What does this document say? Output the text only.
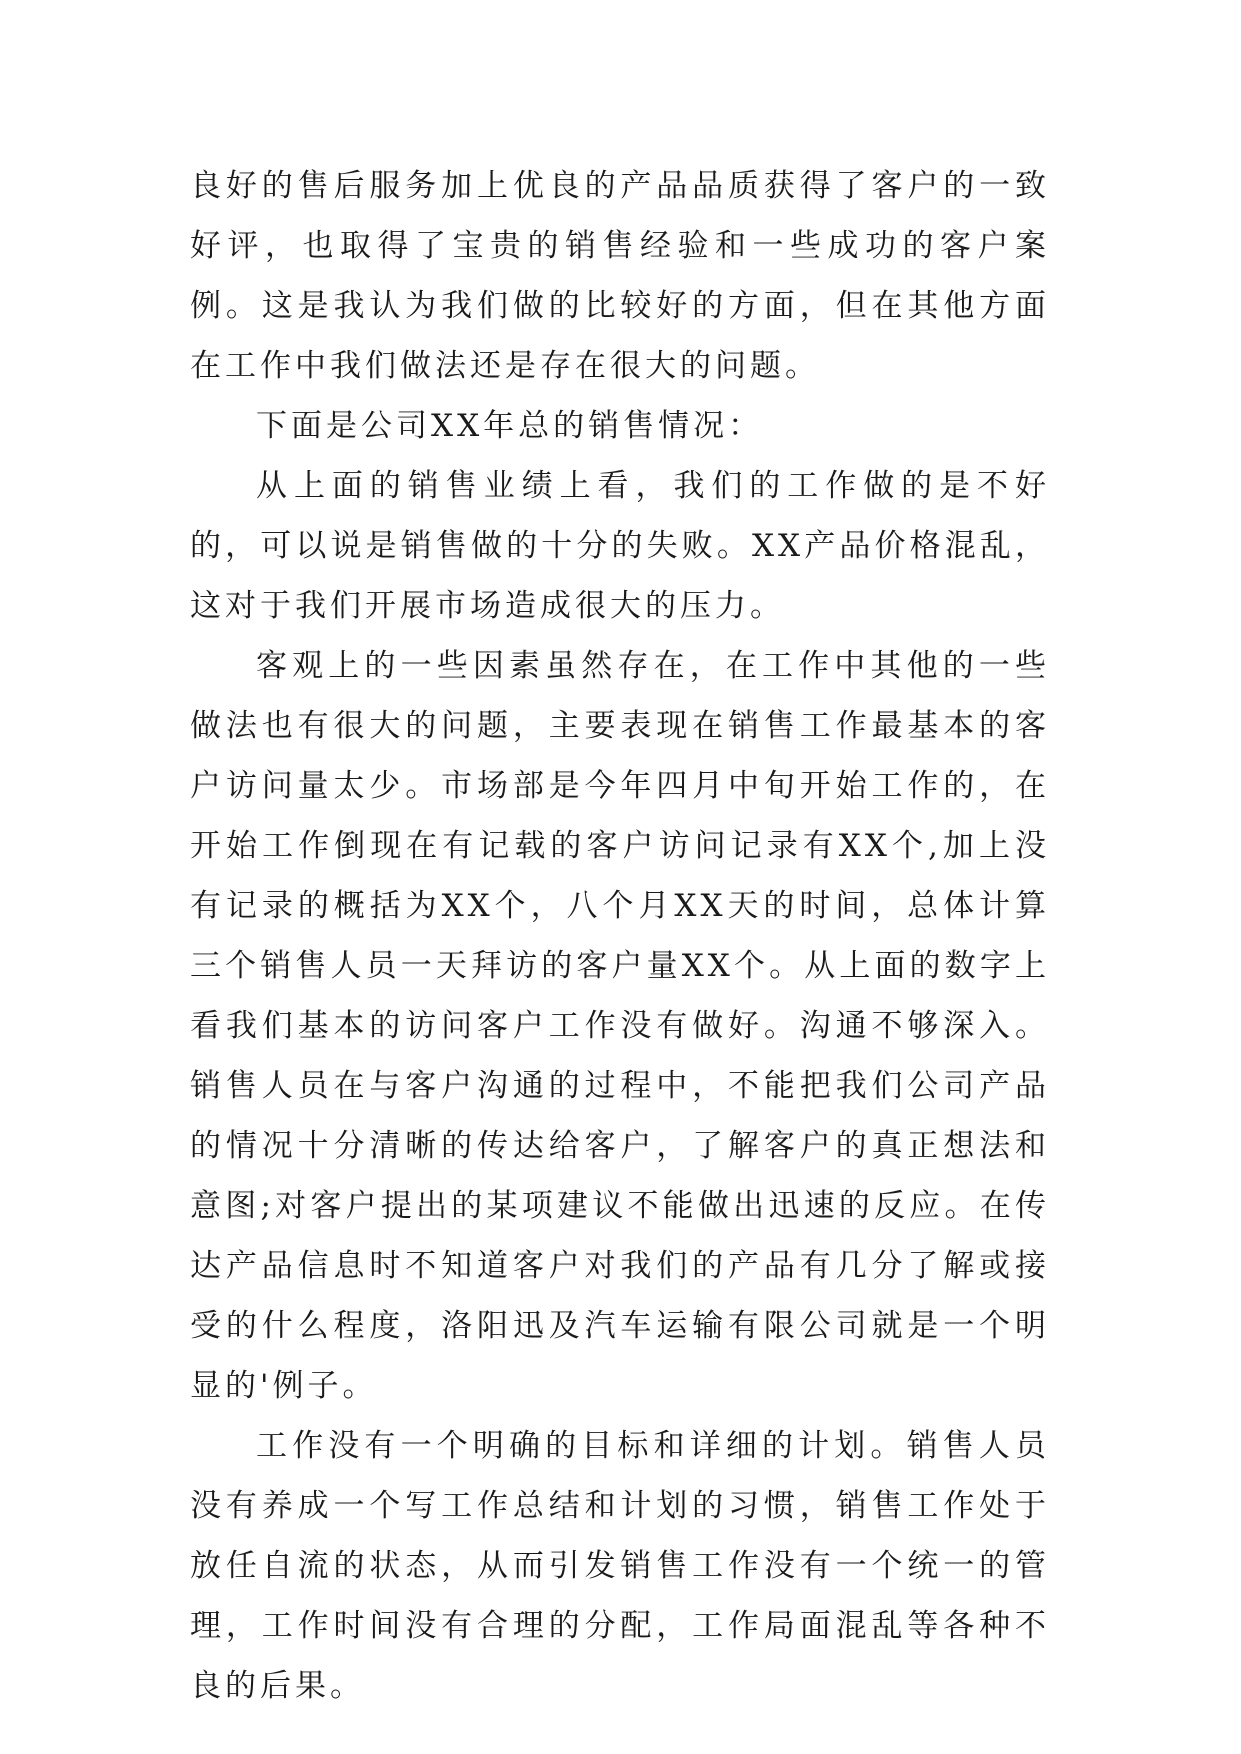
良好的售后服务加上优良的产品品质获得了客户的一致好评，也取得了宝贵的销售经验和一些成功的客户案例。这是我认为我们做的比较好的方面，但在其他方面在工作中我们做法还是存在很大的问题。

下面是公司XX年总的销售情况：

从上面的销售业绩上看，我们的工作做的是不好的，可以说是销售做的十分的失败。XX产品价格混乱，这对于我们开展市场造成很大的压力。

客观上的一些因素虽然存在，在工作中其他的一些做法也有很大的问题，主要表现在销售工作最基本的客户访问量太少。市场部是今年四月中旬开始工作的，在开始工作倒现在有记载的客户访问记录有XX个,加上没有记录的概括为XX个，八个月XX天的时间，总体计算三个销售人员一天拜访的客户量XX个。从上面的数字上看我们基本的访问客户工作没有做好。沟通不够深入。销售人员在与客户沟通的过程中，不能把我们公司产品的情况十分清晰的传达给客户，了解客户的真正想法和意图;对客户提出的某项建议不能做出迅速的反应。在传达产品信息时不知道客户对我们的产品有几分了解或接受的什么程度，洛阳迅及汽车运输有限公司就是一个明显的'例子。

工作没有一个明确的目标和详细的计划。销售人员没有养成一个写工作总结和计划的习惯，销售工作处于放任自流的状态，从而引发销售工作没有一个统一的管理，工作时间没有合理的分配，工作局面混乱等各种不良的后果。
